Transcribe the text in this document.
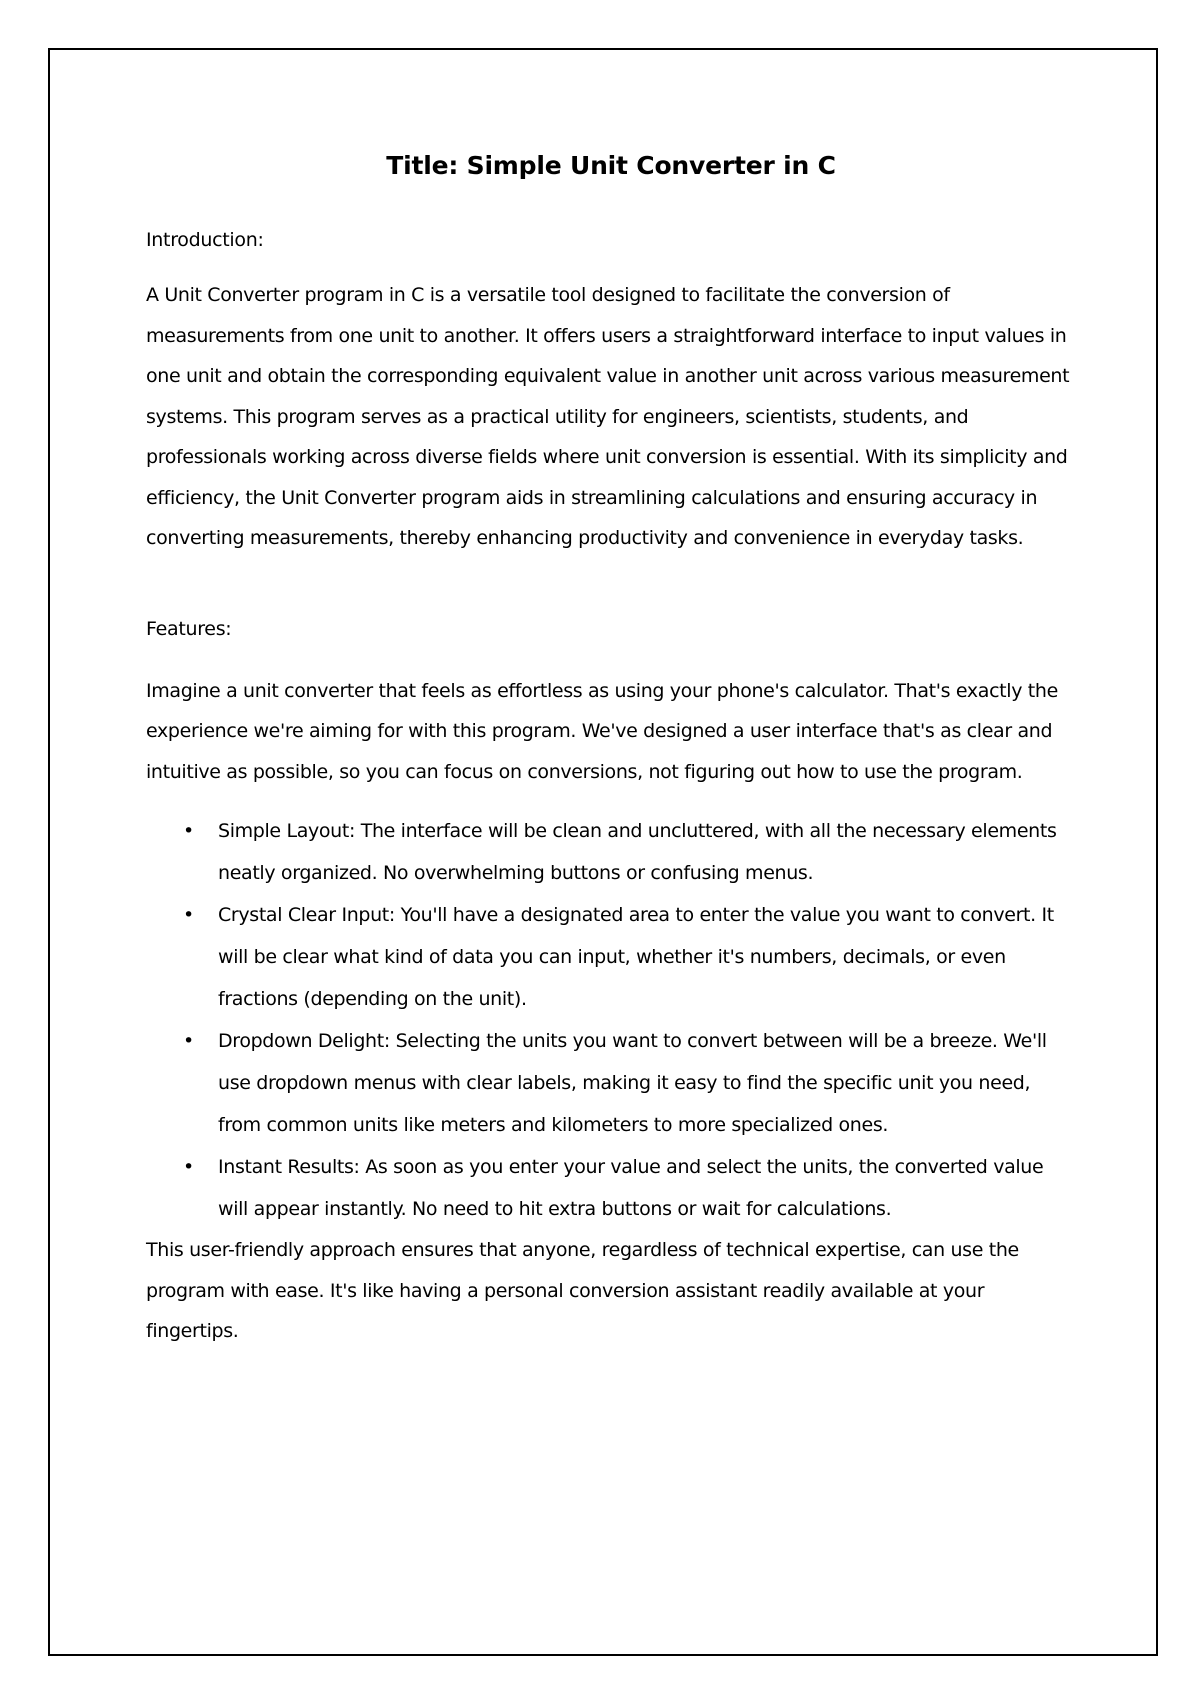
Title: Simple Unit Converter in C

Introduction:

A Unit Converter program in C is a versatile tool designed to facilitate the conversion of measurements from one unit to another. It offers users a straightforward interface to input values in one unit and obtain the corresponding equivalent value in another unit across various measurement systems. This program serves as a practical utility for engineers, scientists, students, and professionals working across diverse fields where unit conversion is essential. With its simplicity and efficiency, the Unit Converter program aids in streamlining calculations and ensuring accuracy in converting measurements, thereby enhancing productivity and convenience in everyday tasks.

Features:

Imagine a unit converter that feels as effortless as using your phone's calculator. That's exactly the experience we're aiming for with this program. We've designed a user interface that's as clear and intuitive as possible, so you can focus on conversions, not figuring out how to use the program.

• Simple Layout: The interface will be clean and uncluttered, with all the necessary elements neatly organized. No overwhelming buttons or confusing menus.
• Crystal Clear Input: You'll have a designated area to enter the value you want to convert. It will be clear what kind of data you can input, whether it's numbers, decimals, or even fractions (depending on the unit).
• Dropdown Delight: Selecting the units you want to convert between will be a breeze. We'll use dropdown menus with clear labels, making it easy to find the specific unit you need, from common units like meters and kilometers to more specialized ones.
• Instant Results: As soon as you enter your value and select the units, the converted value will appear instantly. No need to hit extra buttons or wait for calculations.

This user-friendly approach ensures that anyone, regardless of technical expertise, can use the program with ease. It's like having a personal conversion assistant readily available at your fingertips.
